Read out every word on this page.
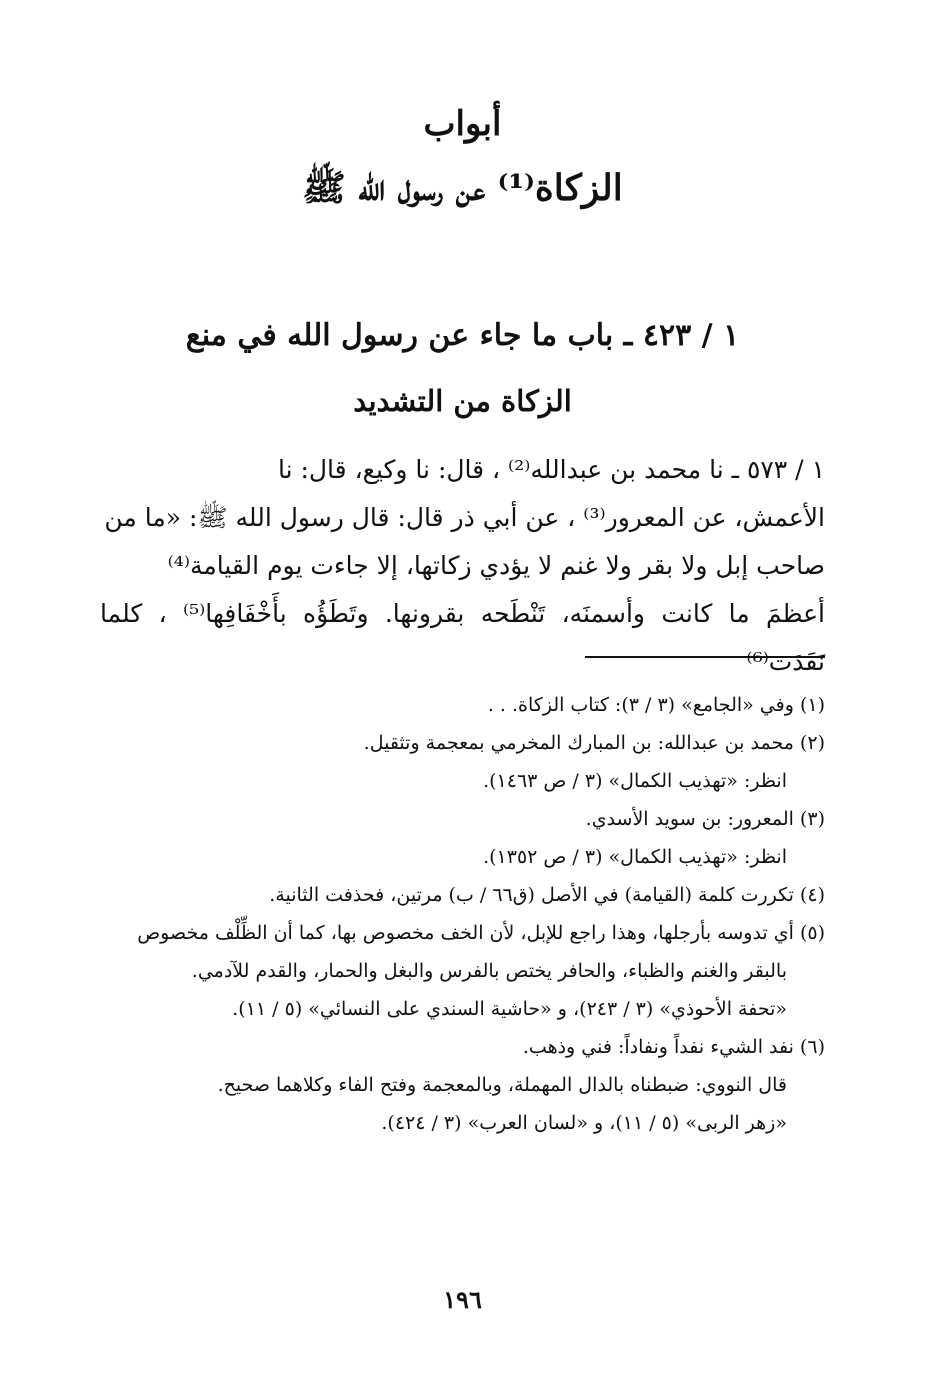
أبواب
الزكاة⁽¹⁾ عن رسول الله ﷺ
١ / ٤٢٣ ـ باب ما جاء عن رسول الله في منع
الزكاة من التشديد

١ / ٥٧٣ ـ نا محمد بن عبدالله⁽²⁾ ، قال: نا وكيع، قال: نا

الأعمش، عن المعرور⁽³⁾ ، عن أبي ذر قال: قال رسول الله ﷺ: «ما من

صاحب إبل ولا بقر ولا غنم لا يؤدي زكاتها، إلا جاءت يوم القيامة⁽⁴⁾

أعظمَ ما كانت وأسمنَه، تَنْطَحه بقرونها. وتَطَؤُه بأَخْفَافِها⁽⁵⁾ ، كلما نَفَدَت⁽⁶⁾

(١) وفي «الجامع» (٣ / ٣): كتاب الزكاة. . .

(٢) محمد بن عبدالله: بن المبارك المخرمي بمعجمة وتثقيل.

انظر: «تهذيب الكمال» (٣ / ص ١٤٦٣).

(٣) المعرور: بن سويد الأسدي.

انظر: «تهذيب الكمال» (٣ / ص ١٣٥٢).

(٤) تكررت كلمة (القيامة) في الأصل (ق٦٦ / ب) مرتين، فحذفت الثانية.

(٥) أي تدوسه بأرجلها، وهذا راجع للإبل، لأن الخف مخصوص بها، كما أن الظِّلْف مخصوص بالبقر والغنم والظباء، والحافر يختص بالفرس والبغل والحمار، والقدم للآدمي.

«تحفة الأحوذي» (٣ / ٢٤٣)، و «حاشية السندي على النسائي» (٥ / ١١).

(٦) نفد الشيء نفداً ونفاداً: فني وذهب.

قال النووي: ضبطناه بالدال المهملة، وبالمعجمة وفتح الفاء وكلاهما صحيح.

«زهر الربى» (٥ / ١١)، و «لسان العرب» (٣ / ٤٢٤).

١٩٦
